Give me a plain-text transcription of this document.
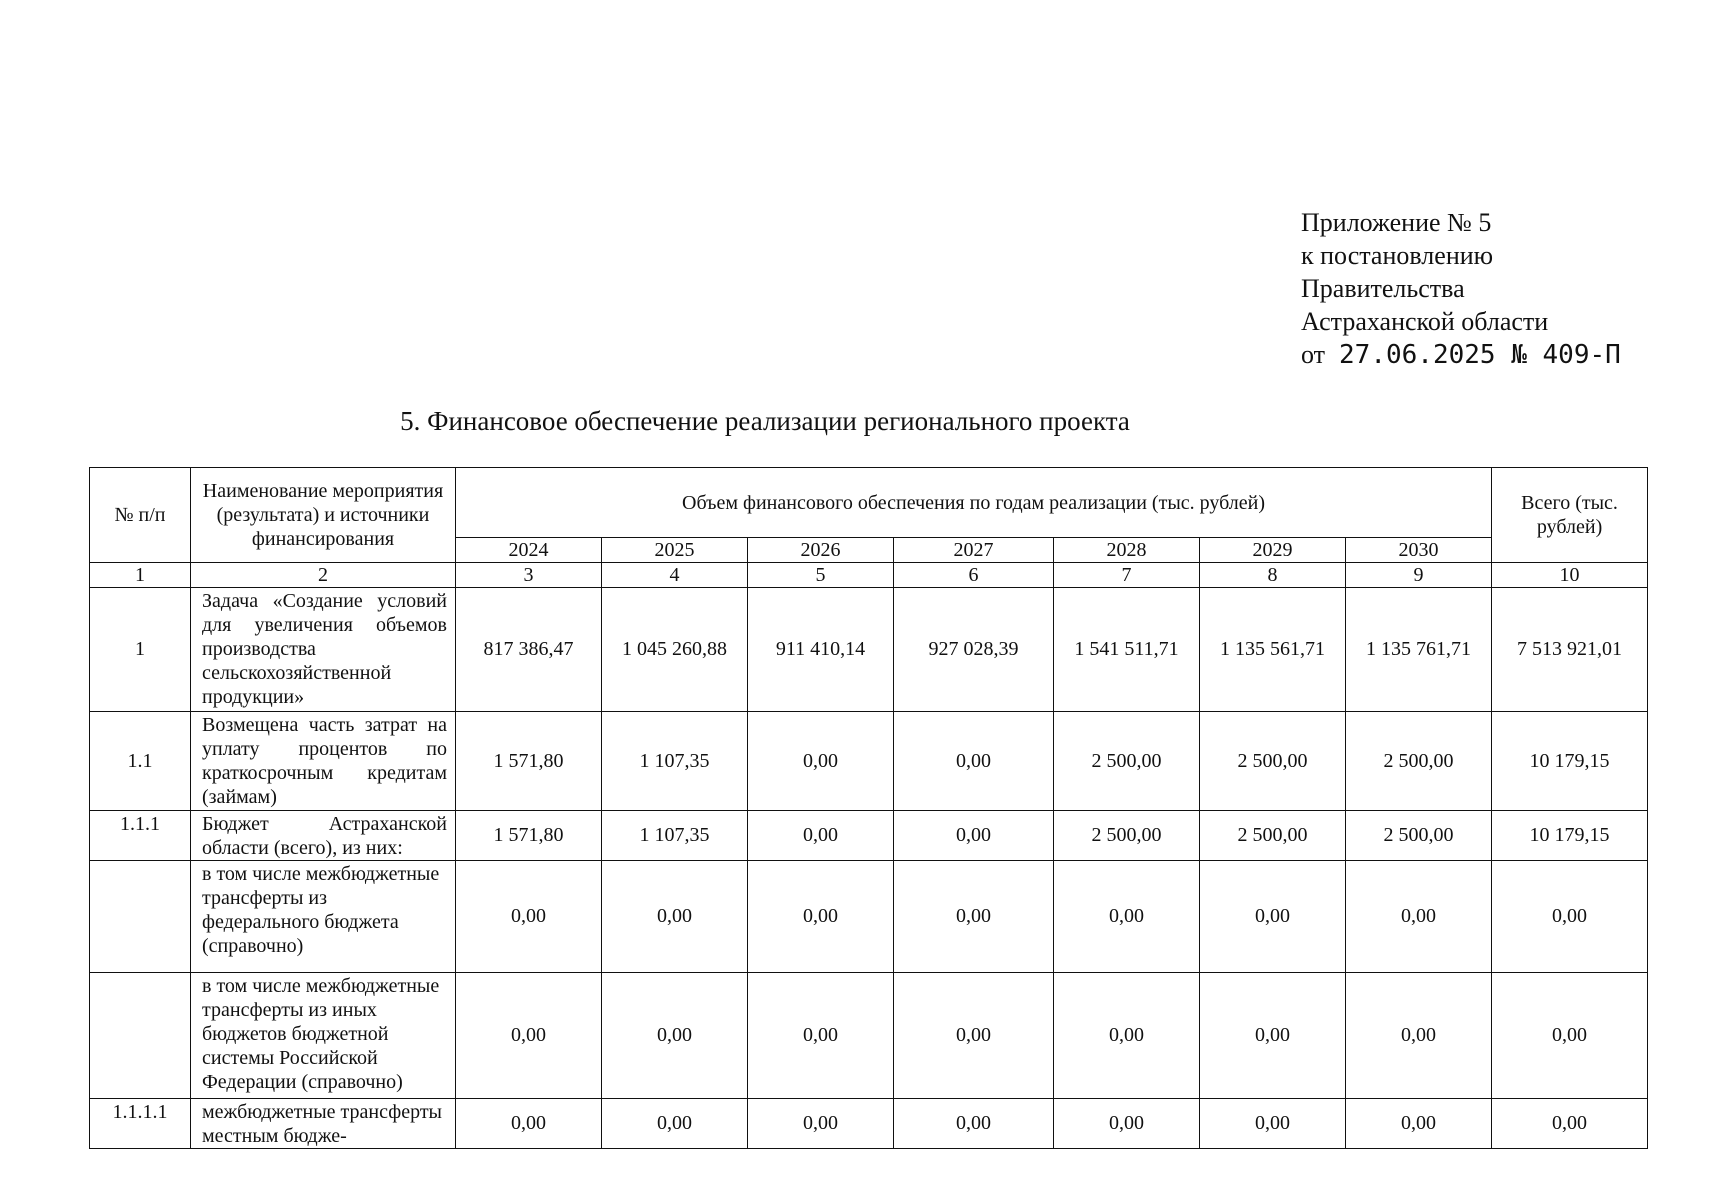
Приложение № 5
к постановлению
Правительства
Астраханской области
от 27.06.2025 № 409-П
5. Финансовое обеспечение реализации регионального проекта
№ п/п	Наименование мероприятия (результата) и источники финансирования	Объем финансового обеспечения по годам реализации (тыс. рублей)							Всего (тыс. рублей)
		2024	2025	2026	2027	2028	2029	2030	
1	2	3	4	5	6	7	8	9	10
1	Задача «Создание условий для увеличения объемов производства сельскохозяйственной продукции»	817 386,47	1 045 260,88	911 410,14	927 028,39	1 541 511,71	1 135 561,71	1 135 761,71	7 513 921,01
1.1	Возмещена часть затрат на уплату процентов по краткосрочным кредитам (займам)	1 571,80	1 107,35	0,00	0,00	2 500,00	2 500,00	2 500,00	10 179,15
1.1.1	Бюджет Астраханской области (всего), из них:	1 571,80	1 107,35	0,00	0,00	2 500,00	2 500,00	2 500,00	10 179,15
	в том числе межбюджетные трансферты из федерального бюджета (справочно)	0,00	0,00	0,00	0,00	0,00	0,00	0,00	0,00
	в том числе межбюджетные трансферты из иных бюджетов бюджетной системы Российской Федерации (справочно)	0,00	0,00	0,00	0,00	0,00	0,00	0,00	0,00
1.1.1.1	межбюджетные трансферты местным бюдже-	0,00	0,00	0,00	0,00	0,00	0,00	0,00	0,00
